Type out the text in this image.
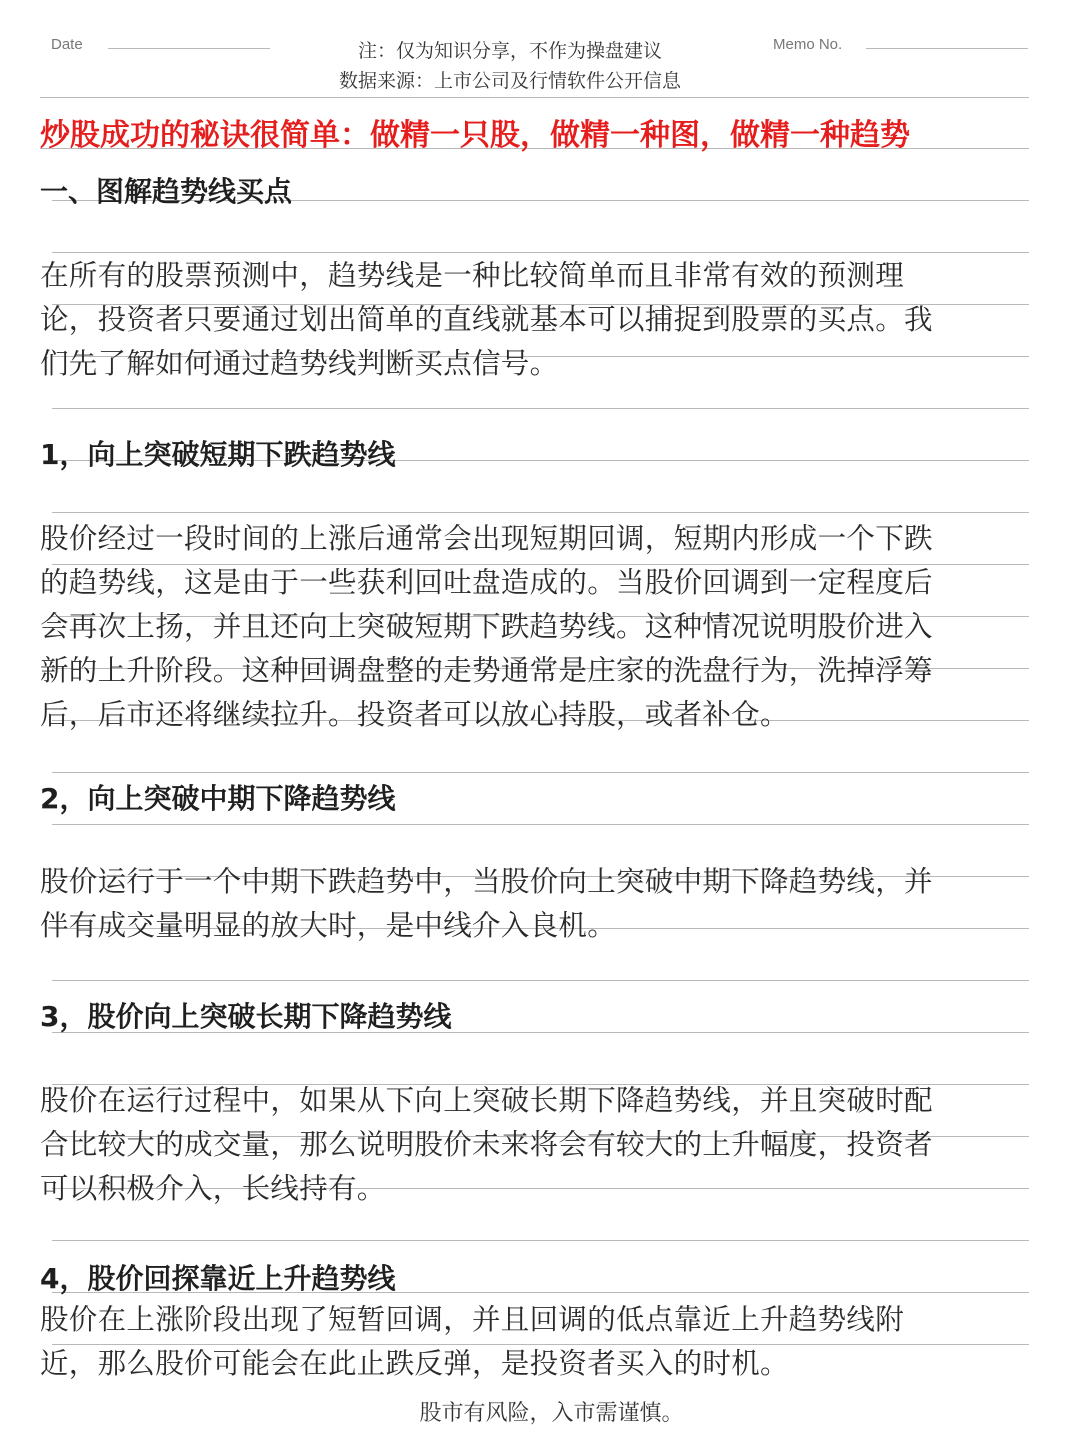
Date	Memo No.
注：仅为知识分享，不作为操盘建议
数据来源：上市公司及行情软件公开信息
炒股成功的秘诀很简单：做精一只股，做精一种图，做精一种趋势
一、图解趋势线买点
在所有的股票预测中，趋势线是一种比较简单而且非常有效的预测理
论，投资者只要通过划出简单的直线就基本可以捕捉到股票的买点。我
们先了解如何通过趋势线判断买点信号。
1，向上突破短期下跌趋势线
股价经过一段时间的上涨后通常会出现短期回调，短期内形成一个下跌
的趋势线，这是由于一些获利回吐盘造成的。当股价回调到一定程度后
会再次上扬，并且还向上突破短期下跌趋势线。这种情况说明股价进入
新的上升阶段。这种回调盘整的走势通常是庄家的洗盘行为，洗掉浮筹
后，后市还将继续拉升。投资者可以放心持股，或者补仓。
2，向上突破中期下降趋势线
股价运行于一个中期下跌趋势中，当股价向上突破中期下降趋势线，并
伴有成交量明显的放大时，是中线介入良机。
3，股价向上突破长期下降趋势线
股价在运行过程中，如果从下向上突破长期下降趋势线，并且突破时配
合比较大的成交量，那么说明股价未来将会有较大的上升幅度，投资者
可以积极介入，长线持有。
4，股价回探靠近上升趋势线
股价在上涨阶段出现了短暂回调，并且回调的低点靠近上升趋势线附
近，那么股价可能会在此止跌反弹，是投资者买入的时机。
股市有风险，入市需谨慎。
